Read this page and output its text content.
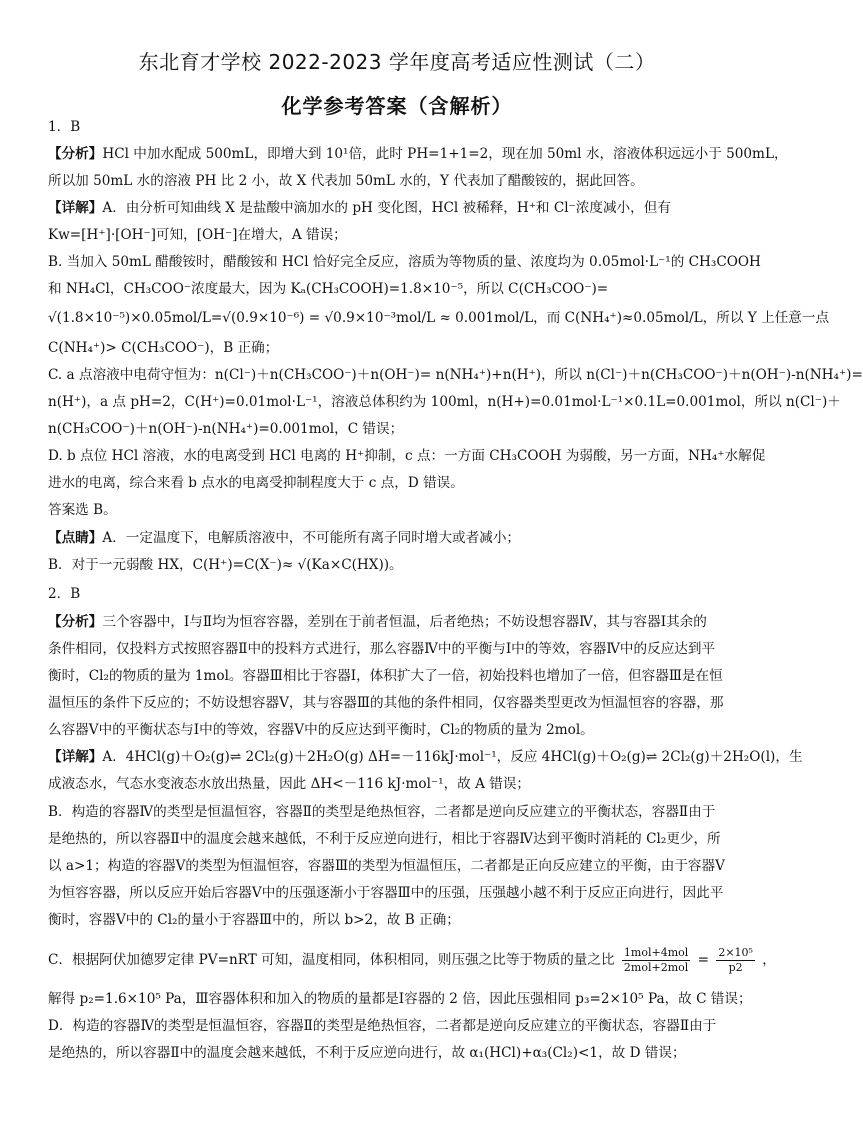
东北育才学校 2022-2023 学年度高考适应性测试（二）
化学参考答案（含解析）
1．B
【分析】HCl 中加水配成 500mL，即增大到 10¹倍，此时 PH=1+1=2，现在加 50ml 水，溶液体积远远小于 500mL，
所以加 50mL 水的溶液 PH 比 2 小，故 X 代表加 50mL 水的，Y 代表加了醋酸铵的，据此回答。
【详解】A．由分析可知曲线 X 是盐酸中滴加水的 pH 变化图，HCl 被稀释，H⁺和 Cl⁻浓度减小，但有
Kw=[H⁺]·[OH⁻]可知，[OH⁻]在增大，A 错误；
B. 当加入 50mL 醋酸铵时，醋酸铵和 HCl 恰好完全反应，溶质为等物质的量、浓度均为 0.05mol·L⁻¹的 CH₃COOH
和 NH₄Cl，CH₃COO⁻浓度最大，因为 Kₐ(CH₃COOH)=1.8×10⁻⁵，所以 C(CH₃COO⁻)=
√(1.8×10⁻⁵)×0.05mol/L=√(0.9×10⁻⁶) = √0.9×10⁻³mol/L ≈ 0.001mol/L，而 C(NH₄⁺)≈0.05mol/L，所以 Y 上任意一点
C(NH₄⁺)> C(CH₃COO⁻)，B 正确；
C. a 点溶液中电荷守恒为：n(Cl⁻)＋n(CH₃COO⁻)＋n(OH⁻)= n(NH₄⁺)+n(H⁺)，所以 n(Cl⁻)＋n(CH₃COO⁻)＋n(OH⁻)-n(NH₄⁺)=
n(H⁺)，a 点 pH=2，C(H⁺)=0.01mol·L⁻¹，溶液总体积约为 100ml，n(H+)=0.01mol·L⁻¹×0.1L=0.001mol，所以 n(Cl⁻)＋
n(CH₃COO⁻)＋n(OH⁻)-n(NH₄⁺)=0.001mol，C 错误；
D. b 点位 HCl 溶液，水的电离受到 HCl 电离的 H⁺抑制，c 点：一方面 CH₃COOH 为弱酸，另一方面，NH₄⁺水解促
进水的电离，综合来看 b 点水的电离受抑制程度大于 c 点，D 错误。
答案选 B。
【点睛】A．一定温度下，电解质溶液中，不可能所有离子同时增大或者减小；
B．对于一元弱酸 HX，C(H⁺)=C(X⁻)≈ √(Ka×C(HX))。
2．B
【分析】三个容器中，Ⅰ与Ⅱ均为恒容容器，差别在于前者恒温，后者绝热；不妨设想容器Ⅳ，其与容器Ⅰ其余的
条件相同，仅投料方式按照容器Ⅱ中的投料方式进行，那么容器Ⅳ中的平衡与Ⅰ中的等效，容器Ⅳ中的反应达到平
衡时，Cl₂的物质的量为 1mol。容器Ⅲ相比于容器Ⅰ，体积扩大了一倍，初始投料也增加了一倍，但容器Ⅲ是在恒
温恒压的条件下反应的；不妨设想容器Ⅴ，其与容器Ⅲ的其他的条件相同，仅容器类型更改为恒温恒容的容器，那
么容器Ⅴ中的平衡状态与Ⅰ中的等效，容器Ⅴ中的反应达到平衡时，Cl₂的物质的量为 2mol。
【详解】A．4HCl(g)＋O₂(g)⇌ 2Cl₂(g)＋2H₂O(g) ΔH=－116kJ·mol⁻¹，反应 4HCl(g)＋O₂(g)⇌ 2Cl₂(g)＋2H₂O(l)，生
成液态水，气态水变液态水放出热量，因此 ΔH<－116 kJ·mol⁻¹，故 A 错误；
B．构造的容器Ⅳ的类型是恒温恒容，容器Ⅱ的类型是绝热恒容，二者都是逆向反应建立的平衡状态，容器Ⅱ由于
是绝热的，所以容器Ⅱ中的温度会越来越低，不利于反应逆向进行，相比于容器Ⅳ达到平衡时消耗的 Cl₂更少，所
以 a>1；构造的容器Ⅴ的类型为恒温恒容，容器Ⅲ的类型为恒温恒压，二者都是正向反应建立的平衡，由于容器Ⅴ
为恒容容器，所以反应开始后容器Ⅴ中的压强逐渐小于容器Ⅲ中的压强，压强越小越不利于反应正向进行，因此平
衡时，容器Ⅴ中的 Cl₂的量小于容器Ⅲ中的，所以 b>2，故 B 正确；
C．根据阿伏加德罗定律 PV=nRT 可知，温度相同，体积相同，则压强之比等于物质的量之比 $\frac{\text{1mol+4mol}}{\text{2mol+2mol}} = \frac{\text{2×10⁵}}{p2}$ ，
解得 p₂=1.6×10⁵ Pa，Ⅲ容器体积和加入的物质的量都是Ⅰ容器的 2 倍，因此压强相同 p₃=2×10⁵ Pa，故 C 错误；
D．构造的容器Ⅳ的类型是恒温恒容，容器Ⅱ的类型是绝热恒容，二者都是逆向反应建立的平衡状态，容器Ⅱ由于
是绝热的，所以容器Ⅱ中的温度会越来越低，不利于反应逆向进行，故 α₁(HCl)+α₃(Cl₂)<1，故 D 错误；
